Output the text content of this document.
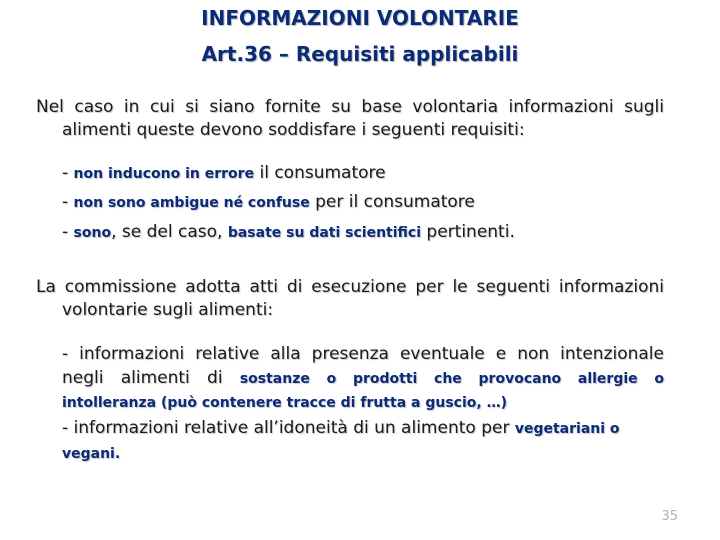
INFORMAZIONI VOLONTARIE
Art.36 – Requisiti applicabili
Nel caso in cui si siano fornite su base volontaria informazioni sugli
alimenti queste devono soddisfare i seguenti requisiti:
- non inducono in errore il consumatore
- non sono ambigue né confuse per il consumatore
- sono, se del caso, basate su dati scientifici pertinenti.
La commissione adotta atti di esecuzione per le seguenti informazioni
volontarie sugli alimenti:
- informazioni relative alla presenza eventuale e non intenzionale
negli alimenti di sostanze o prodotti che provocano allergie o
intolleranza (può contenere tracce di frutta a guscio, …)
- informazioni relative all’idoneità di un alimento per vegetariani o
vegani.
35
